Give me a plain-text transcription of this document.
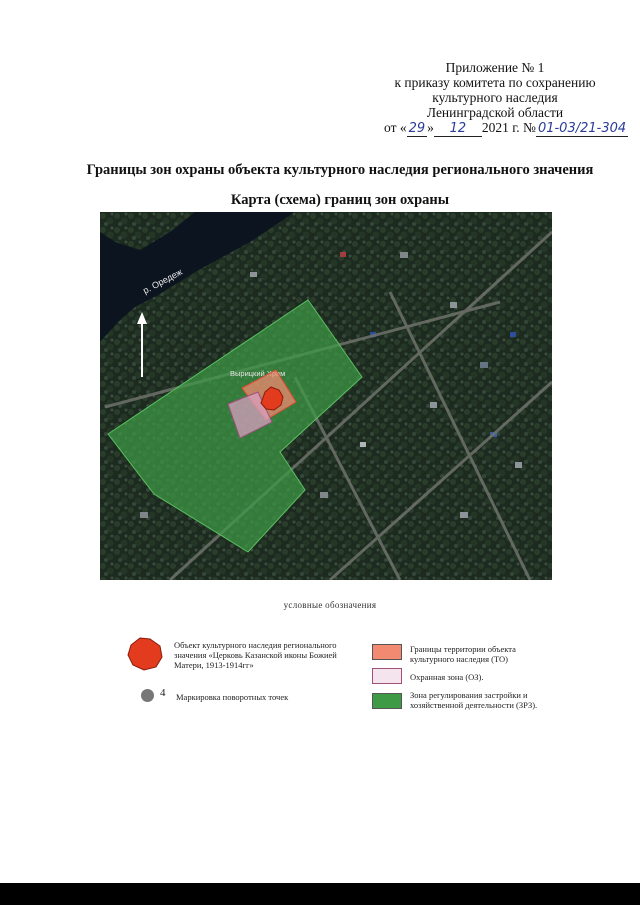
Приложение № 1
к приказу комитета по сохранению
культурного наследия
Ленинградской области
от « 29 » 12 2021 г. № 01-03/21-304
Границы зон охраны объекта культурного наследия регионального значения
Карта (схема) границ зон охраны
р. Оредеж
Вырицкий Храм
условные обозначения
Объект культурного наследия регионального значения «Церковь Казанской иконы Божией Матери, 1913-1914гг»
4 Маркировка поворотных точек
Границы территории объекта культурного наследия (ТО)
Охранная зона (ОЗ).
Зона регулирования застройки и хозяйственной деятельности (ЗРЗ).
